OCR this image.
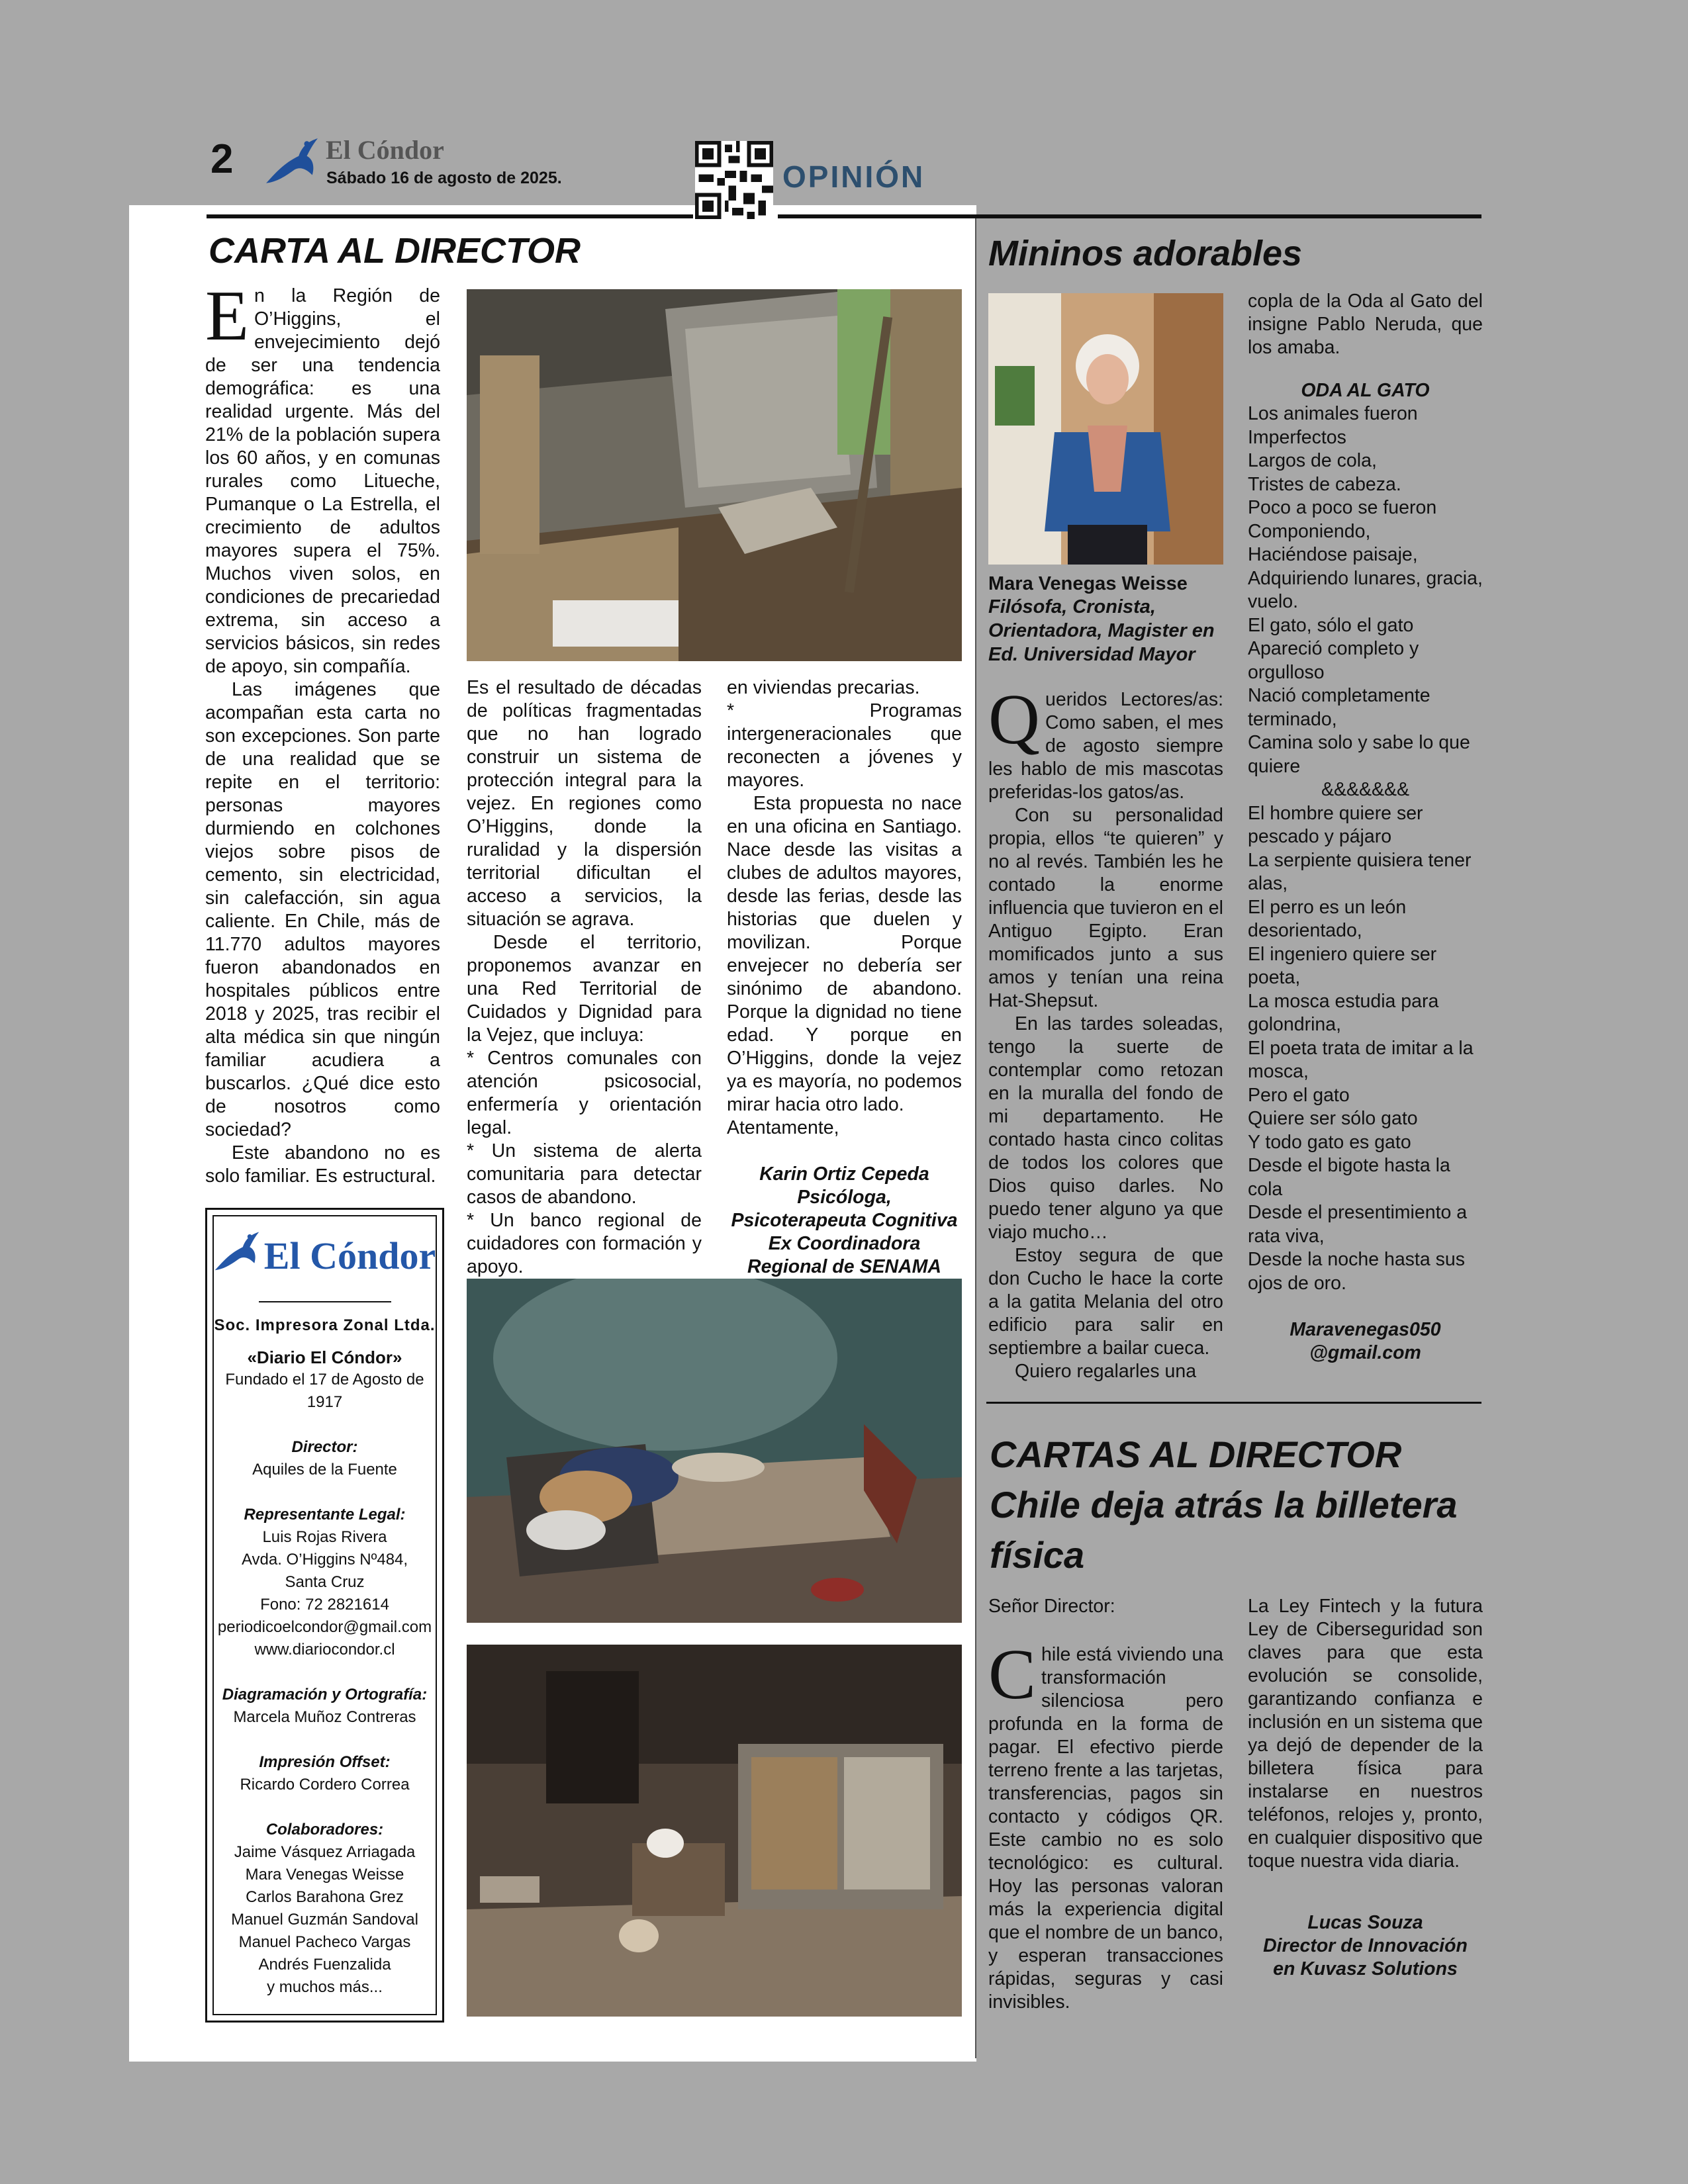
2	El Cóndor
Sábado 16 de agosto de 2025.	OPINIÓN
CARTA AL DIRECTOR

En la Región de O’Higgins, el envejecimiento dejó de ser una tendencia demográfica: es una realidad urgente. Más del 21% de la población supera los 60 años, y en comunas rurales como Litueche, Pumanque o La Estrella, el crecimiento de adultos mayores supera el 75%. Muchos viven solos, en condiciones de precariedad extrema, sin acceso a servicios básicos, sin redes de apoyo, sin compañía.

Las imágenes que acompañan esta carta no son excepciones. Son parte de una realidad que se repite en el territorio: personas mayores durmiendo en colchones viejos sobre pisos de cemento, sin electricidad, sin calefacción, sin agua caliente. En Chile, más de 11.770 adultos mayores fueron abandonados en hospitales públicos entre 2018 y 2025, tras recibir el alta médica sin que ningún familiar acudiera a buscarlos. ¿Qué dice esto de nosotros como sociedad?

Este abandono no es solo familiar. Es estructural.

Es el resultado de décadas de políticas fragmentadas que no han logrado construir un sistema de protección integral para la vejez. En regiones como O’Higgins, donde la ruralidad y la dispersión territorial dificultan el acceso a servicios, la situación se agrava.

Desde el territorio, proponemos avanzar en una Red Territorial de Cuidados y Dignidad para la Vejez, que incluya:

* Centros comunales con atención psicosocial, enfermería y orientación legal.

* Un sistema de alerta comunitaria para detectar casos de abandono.

* Un banco regional de cuidadores con formación y apoyo.

en viviendas precarias.

* Programas intergeneracionales que reconecten a jóvenes y mayores.

Esta propuesta no nace en una oficina en Santiago. Nace desde las visitas a clubes de adultos mayores, desde las ferias, desde las historias que duelen y movilizan. Porque envejecer no debería ser sinónimo de abandono. Porque la dignidad no tiene edad. Y porque en O’Higgins, donde la vejez ya es mayoría, no podemos mirar hacia otro lado.

Atentamente,

Karin Ortiz Cepeda
Psicóloga,
Psicoterapeuta Cognitiva
Ex Coordinadora
Regional de SENAMA
El Cóndor
Soc. Impresora Zonal Ltda.
«Diario El Cóndor»
Fundado el 17 de Agosto de 1917
Director:
Aquiles de la Fuente
Representante Legal:
Luis Rojas Rivera
Avda. O’Higgins Nº484,
Santa Cruz
Fono: 72 2821614
periodicoelcondor@gmail.com
www.diariocondor.cl
Diagramación y Ortografía:
Marcela Muñoz Contreras
Impresión Offset:
Ricardo Cordero Correa
Colaboradores:
Jaime Vásquez Arriagada
Mara Venegas Weisse
Carlos Barahona Grez
Manuel Guzmán Sandoval
Manuel Pacheco Vargas
Andrés Fuenzalida
y muchos más...
Mininos adorables
Mara Venegas Weisse
Filósofa, Cronista, Orientadora, Magister en Ed. Universidad Mayor

Queridos Lectores/as: Como saben, el mes de agosto siempre les hablo de mis mascotas preferidas-los gatos/as.

Con su personalidad propia, ellos “te quieren” y no al revés. También les he contado la enorme influencia que tuvieron en el Antiguo Egipto. Eran momificados junto a sus amos y tenían una reina Hat-Shepsut.

En las tardes soleadas, tengo la suerte de contemplar como retozan en la muralla del fondo de mi departamento. He contado hasta cinco colitas de todos los colores que Dios quiso darles. No puedo tener alguno ya que viajo mucho…

Estoy segura de que don Cucho le hace la corte a la gatita Melania del otro edificio para salir en septiembre a bailar cueca.

Quiero regalarles una

copla de la Oda al Gato del insigne Pablo Neruda, que los amaba.

ODA AL GATO
Los animales fueron
Imperfectos
Largos de cola,
Tristes de cabeza.
Poco a poco se fueron
Componiendo,
Haciéndose paisaje,
Adquiriendo lunares, gracia, vuelo.
El gato, sólo el gato
Apareció completo y orgulloso
Nació completamente terminado,
Camina solo y sabe lo que quiere
&&&&&&&
El hombre quiere ser pescado y pájaro
La serpiente quisiera tener alas,
El perro es un león desorientado,
El ingeniero quiere ser poeta,
La mosca estudia para golondrina,
El poeta trata de imitar a la mosca,
Pero el gato
Quiere ser sólo gato
Y todo gato es gato
Desde el bigote hasta la cola
Desde el presentimiento a rata viva,
Desde la noche hasta sus ojos de oro.
Maravenegas050
@gmail.com
CARTAS AL DIRECTOR
Chile deja atrás la billetera física

Señor Director:

Chile está viviendo una transformación silenciosa pero profunda en la forma de pagar. El efectivo pierde terreno frente a las tarjetas, transferencias, pagos sin contacto y códigos QR. Este cambio no es solo tecnológico: es cultural. Hoy las personas valoran más la experiencia digital que el nombre de un banco, y esperan transacciones rápidas, seguras y casi invisibles.

La Ley Fintech y la futura Ley de Ciberseguridad son claves para que esta evolución se consolide, garantizando confianza e inclusión en un sistema que ya dejó de depender de la billetera física para instalarse en nuestros teléfonos, relojes y, pronto, en cualquier dispositivo que toque nuestra vida diaria.

Lucas Souza
Director de Innovación
en Kuvasz Solutions
